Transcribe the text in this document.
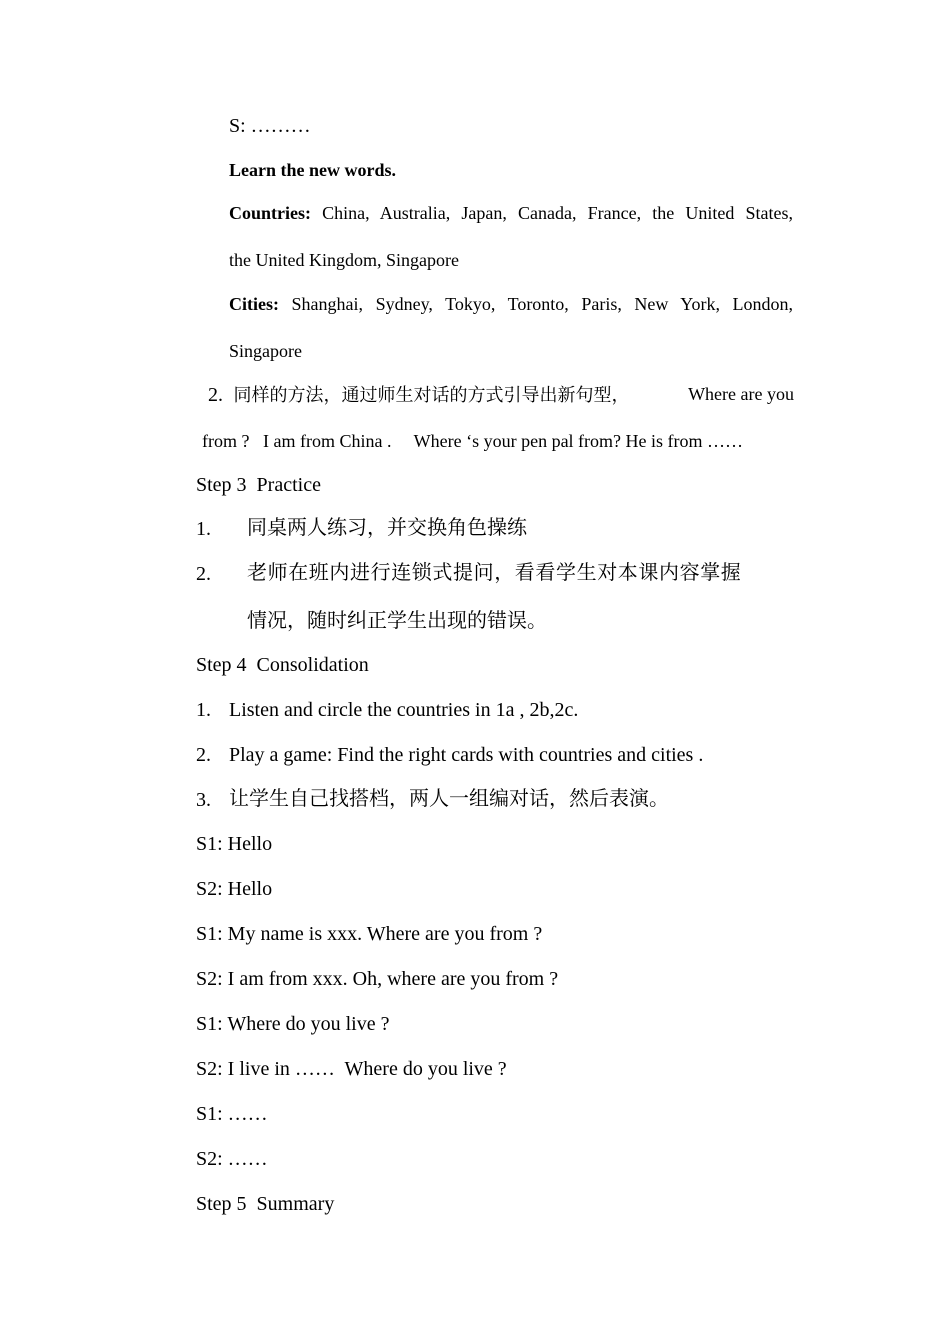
S: ………
Learn the new words.
Countries: China, Australia, Japan, Canada, France, the United States,
the United Kingdom, Singapore
Cities: Shanghai, Sydney, Tokyo, Toronto, Paris, New York, London,
Singapore
2. 同样的方法，通过师生对话的方式引导出新句型，	Where are you
from ?   I am from China .     Where ‘s your pen pal from? He is from ……
Step 3  Practice
1. 同桌两人练习，并交换角色操练
2. 老师在班内进行连锁式提问，看看学生对本课内容掌握
情况，随时纠正学生出现的错误。
Step 4  Consolidation
1. Listen and circle the countries in 1a , 2b,2c.
2. Play a game: Find the right cards with countries and cities .
3. 让学生自己找搭档，两人一组编对话，然后表演。
S1: Hello
S2: Hello
S1: My name is xxx. Where are you from ?
S2: I am from xxx. Oh, where are you from ?
S1: Where do you live ?
S2: I live in ……  Where do you live ?
S1: ……
S2: ……
Step 5  Summary
